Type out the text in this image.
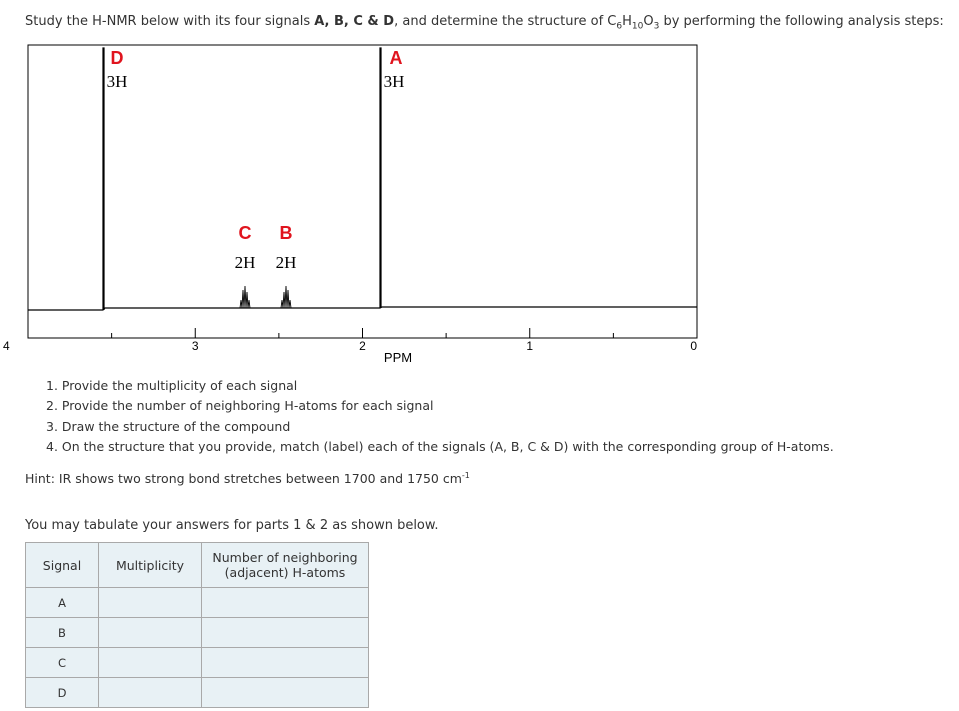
Study the H-NMR below with its four signals A, B, C & D, and determine the structure of $C_6H_{10}O_3$ by performing the following analysis steps:
D
3H
C
2H
B
2H
A
3H
4	3	2	1	0
PPM
1. Provide the multiplicity of each signal
2. Provide the number of neighboring H-atoms for each signal
3. Draw the structure of the compound
4. On the structure that you provide, match (label) each of the signals (A, B, C & D) with the corresponding group of H-atoms.
Hint: IR shows two strong bond stretches between 1700 and 1750 $cm^{-1}$
You may tabulate your answers for parts 1 & 2 as shown below.
Signal	Multiplicity	Number of neighboring (adjacent) H-atoms
A		
B		
C		
D		
